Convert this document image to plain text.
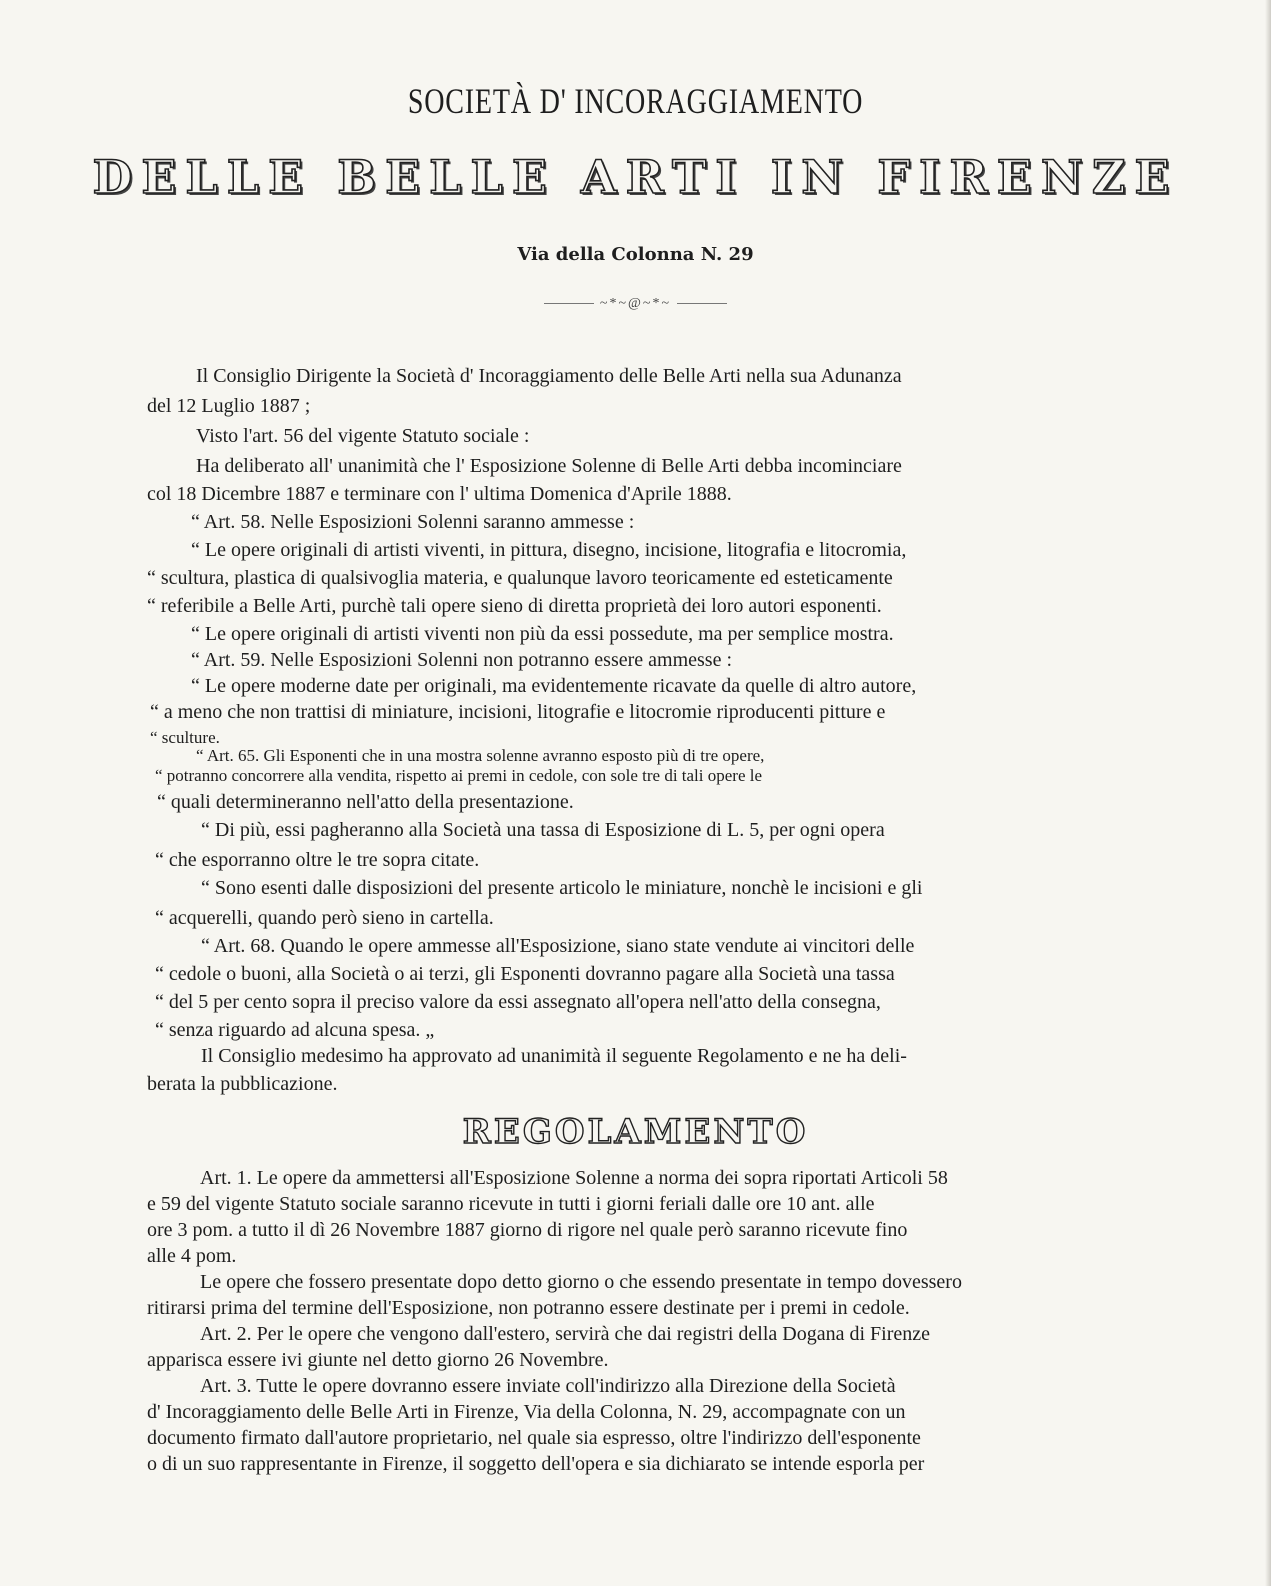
SOCIETÀ D' INCORAGGIAMENTO
DELLE BELLE ARTI IN FIRENZE
Via della Colonna N. 29
~*~@~*~
Il Consiglio Dirigente la Società d' Incoraggiamento delle Belle Arti nella sua Adunanza
del 12 Luglio 1887 ;
Visto l'art. 56 del vigente Statuto sociale :
Ha deliberato all' unanimità che l' Esposizione Solenne di Belle Arti debba incominciare
col 18 Dicembre 1887 e terminare con l' ultima Domenica d'Aprile 1888.
“ Art. 58. Nelle Esposizioni Solenni saranno ammesse :
“ Le opere originali di artisti viventi, in pittura, disegno, incisione, litografia e litocromia,
“ scultura, plastica di qualsivoglia materia, e qualunque lavoro teoricamente ed esteticamente
“ referibile a Belle Arti, purchè tali opere sieno di diretta proprietà dei loro autori esponenti.
“ Le opere originali di artisti viventi non più da essi possedute, ma per semplice mostra.
“ Art. 59. Nelle Esposizioni Solenni non potranno essere ammesse :
“ Le opere moderne date per originali, ma evidentemente ricavate da quelle di altro autore,
“ a meno che non trattisi di miniature, incisioni, litografie e litocromie riproducenti pitture e
“ sculture.
“ Art. 65. Gli Esponenti che in una mostra solenne avranno esposto più di tre opere,
“ potranno concorrere alla vendita, rispetto ai premi in cedole, con sole tre di tali opere le
“ quali determineranno nell'atto della presentazione.
“ Di più, essi pagheranno alla Società una tassa di Esposizione di L. 5, per ogni opera
“ che esporranno oltre le tre sopra citate.
“ Sono esenti dalle disposizioni del presente articolo le miniature, nonchè le incisioni e gli
“ acquerelli, quando però sieno in cartella.
“ Art. 68. Quando le opere ammesse all'Esposizione, siano state vendute ai vincitori delle
“ cedole o buoni, alla Società o ai terzi, gli Esponenti dovranno pagare alla Società una tassa
“ del 5 per cento sopra il preciso valore da essi assegnato all'opera nell'atto della consegna,
“ senza riguardo ad alcuna spesa. „
Il Consiglio medesimo ha approvato ad unanimità il seguente Regolamento e ne ha deli-
berata la pubblicazione.
REGOLAMENTO
Art. 1. Le opere da ammettersi all'Esposizione Solenne a norma dei sopra riportati Articoli 58
e 59 del vigente Statuto sociale saranno ricevute in tutti i giorni feriali dalle ore 10 ant. alle
ore 3 pom. a tutto il dì 26 Novembre 1887 giorno di rigore nel quale però saranno ricevute fino
alle 4 pom.
Le opere che fossero presentate dopo detto giorno o che essendo presentate in tempo dovessero
ritirarsi prima del termine dell'Esposizione, non potranno essere destinate per i premi in cedole.
Art. 2. Per le opere che vengono dall'estero, servirà che dai registri della Dogana di Firenze
apparisca essere ivi giunte nel detto giorno 26 Novembre.
Art. 3. Tutte le opere dovranno essere inviate coll'indirizzo alla Direzione della Società
d' Incoraggiamento delle Belle Arti in Firenze, Via della Colonna, N. 29, accompagnate con un
documento firmato dall'autore proprietario, nel quale sia espresso, oltre l'indirizzo dell'esponente
o di un suo rappresentante in Firenze, il soggetto dell'opera e sia dichiarato se intende esporla per
